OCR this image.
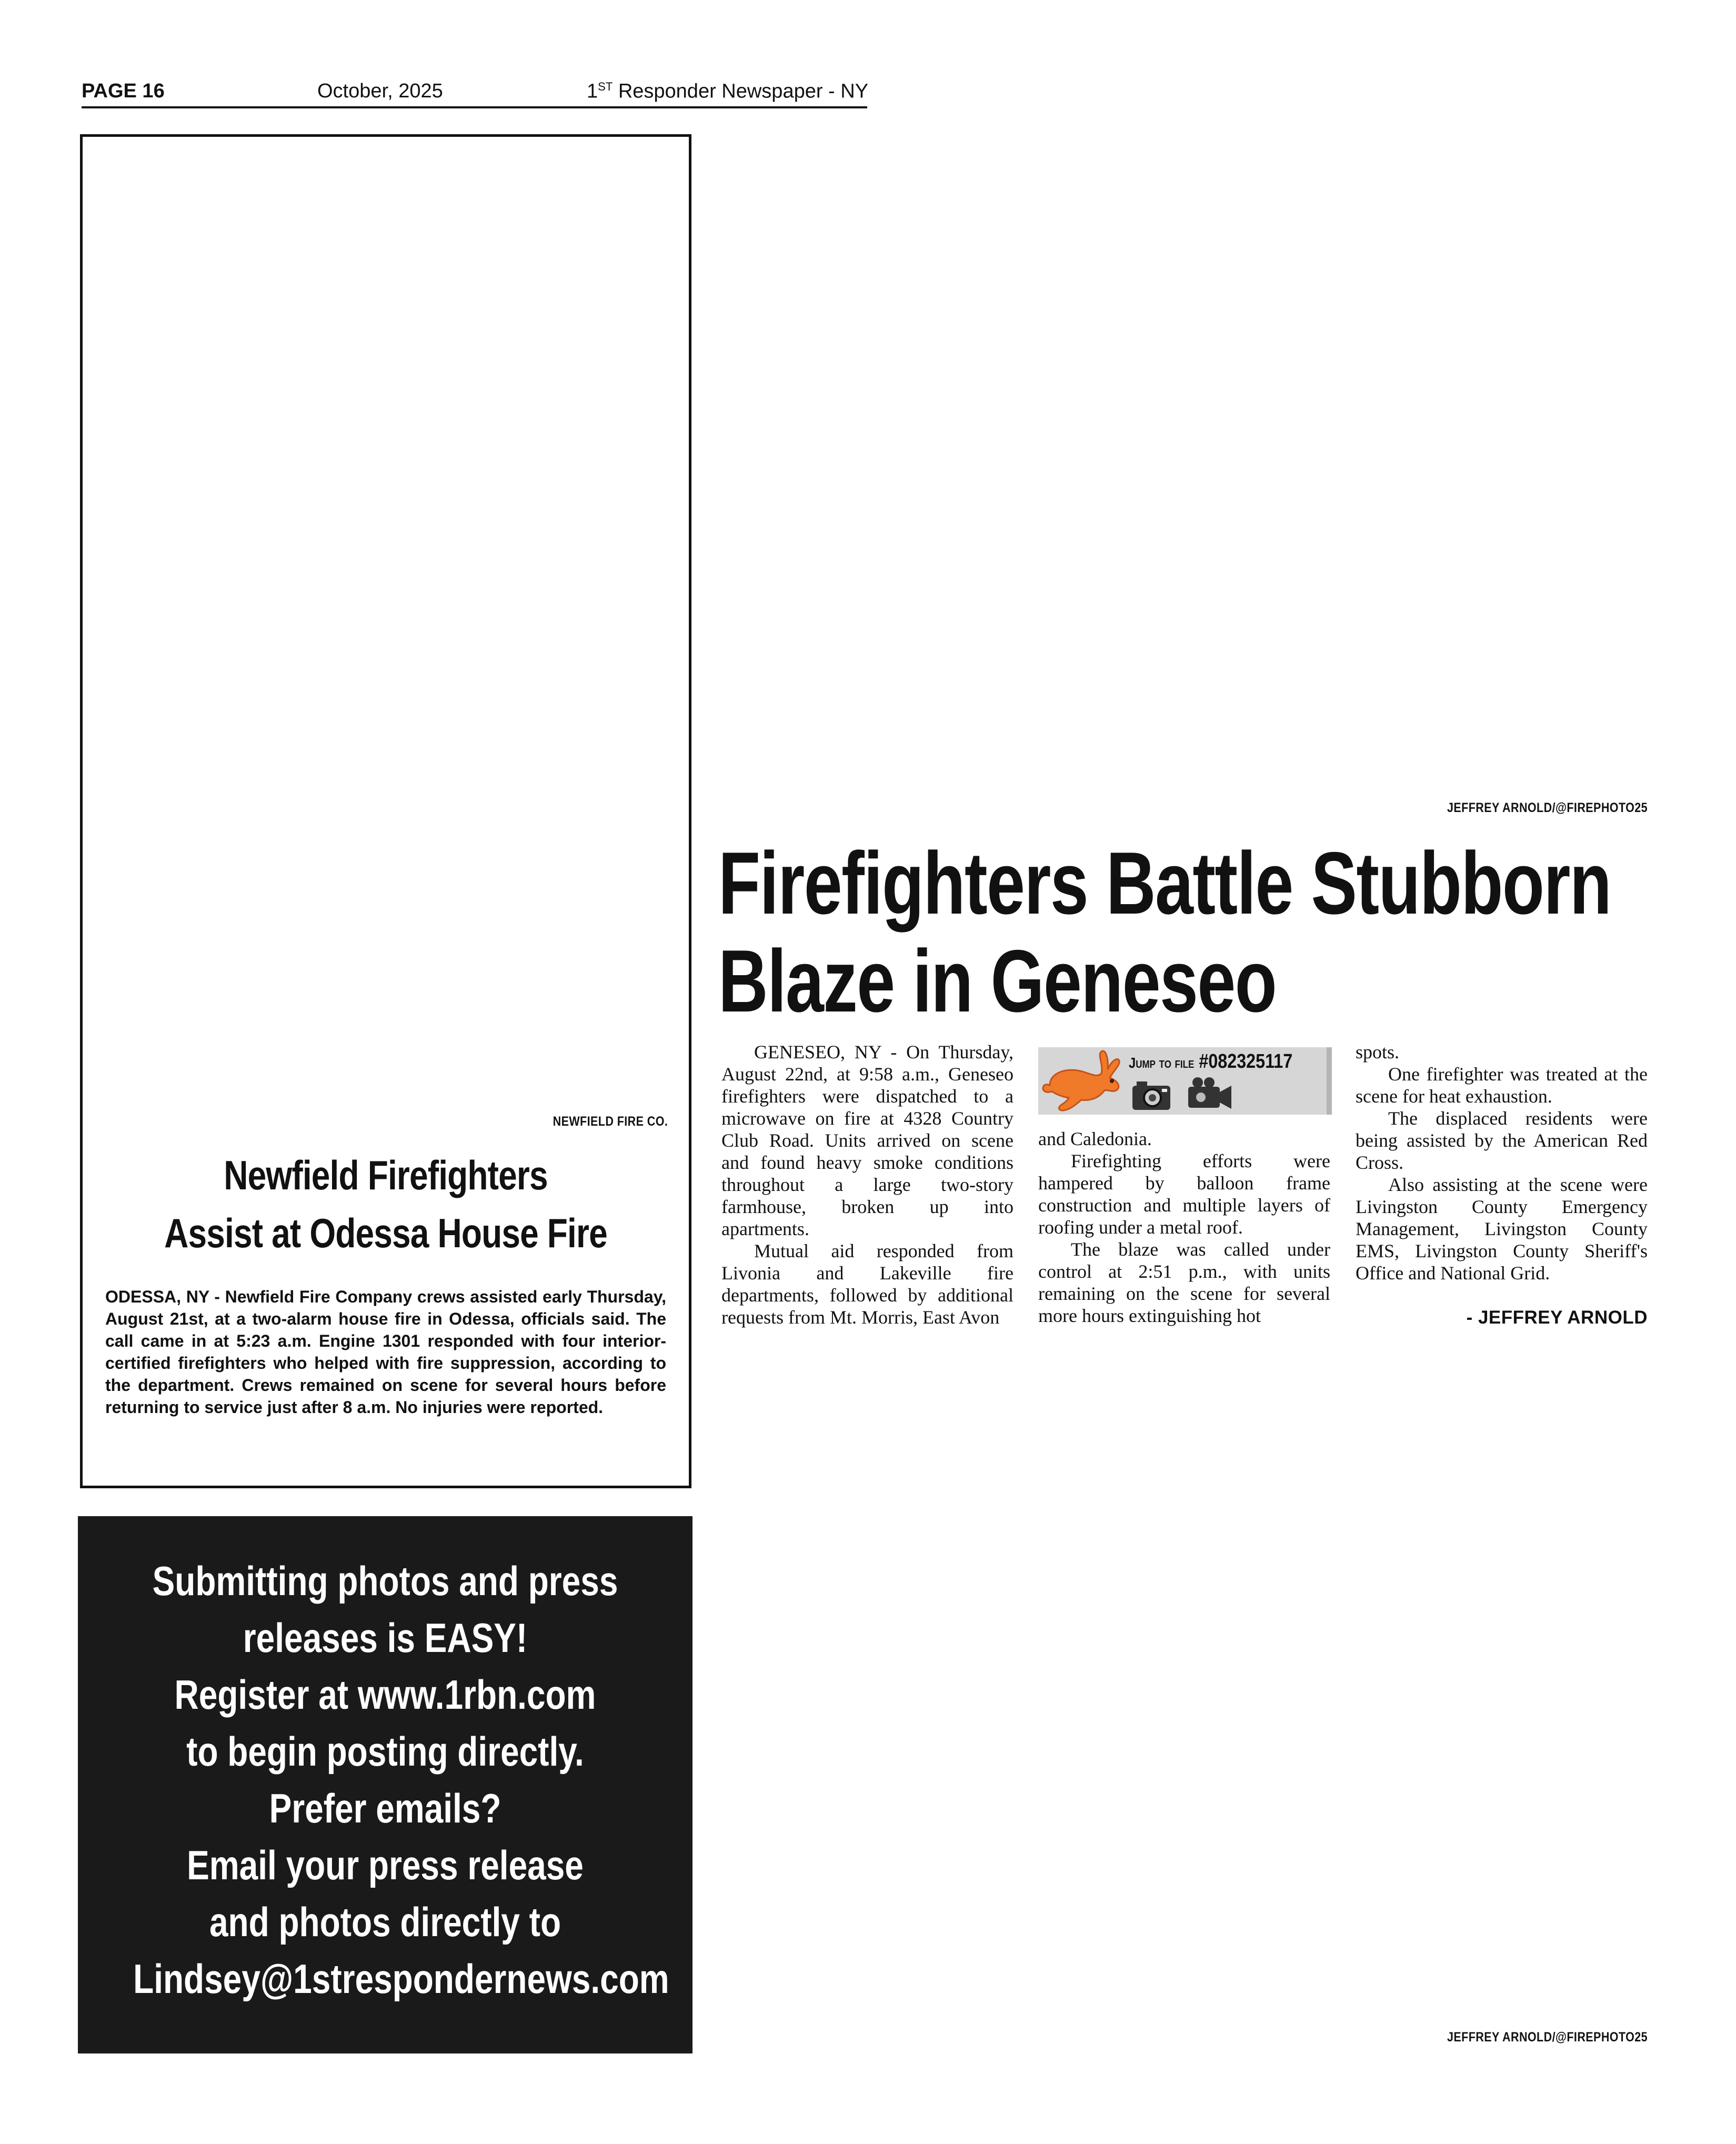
PAGE 16	October, 2025	1ST Responder Newspaper - NY
NEWFIELD FIRE CO.
Newfield Firefighters
Assist at Odessa House Fire
ODESSA, NY - Newfield Fire Company crews assisted early Thursday, August 21st, at a two-alarm house fire in Odessa, officials said. The call came in at 5:23 a.m. Engine 1301 responded with four interior-certified firefighters who helped with fire suppression, according to the department. Crews remained on scene for several hours before returning to service just after 8 a.m. No injuries were reported.
Submitting photos and press
releases is EASY!
Register at www.1rbn.com
to begin posting directly.
Prefer emails?
Email your press release
and photos directly to
Lindsey@1strespondernews.com
JEFFREY ARNOLD/@FIREPHOTO25
Firefighters Battle Stubborn
Blaze in Geneseo

GENESEO, NY - On Thursday, August 22nd, at 9:58 a.m., Geneseo firefighters were dispatched to a microwave on fire at 4328 Country Club Road. Units arrived on scene and found heavy smoke conditions throughout a large two-story farmhouse, broken up into apartments.

Mutual aid responded from Livonia and Lakeville fire departments, followed by additional requests from Mt. Morris, East Avon

Jump to file #082325117

and Caledonia.

Firefighting efforts were hampered by balloon frame construction and multiple layers of roofing under a metal roof.

The blaze was called under control at 2:51 p.m., with units remaining on the scene for several more hours extinguishing hot

spots.

One firefighter was treated at the scene for heat exhaustion.

The displaced residents were being assisted by the American Red Cross.

Also assisting at the scene were Livingston County Emergency Management, Livingston County EMS, Livingston County Sheriff's Office and National Grid.

- JEFFREY ARNOLD
JEFFREY ARNOLD/@FIREPHOTO25
